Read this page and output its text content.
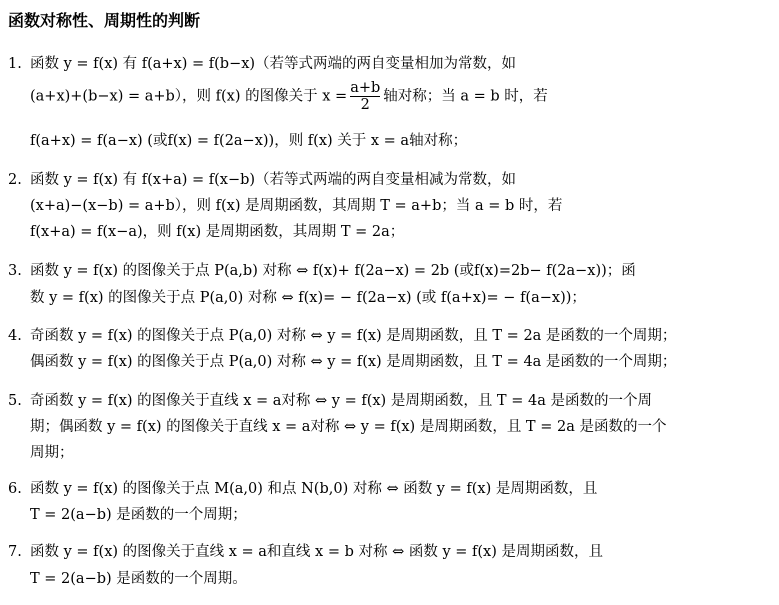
函数对称性、周期性的判断
1. 函数 y = f(x) 有 f(a+x) = f(b−x)（若等式两端的两自变量相加为常数，如
(a+x)+(b−x) = a+b），则 f(x) 的图像关于 $x = \frac{a+b}{2}$ 轴对称；当 a = b 时，若
f(a+x) = f(a−x) (或f(x) = f(2a−x))，则 f(x) 关于 x = a轴对称；
2. 函数 y = f(x) 有 f(x+a) = f(x−b)（若等式两端的两自变量相减为常数，如
(x+a)−(x−b) = a+b），则 f(x) 是周期函数，其周期 T = a+b；当 a = b 时，若
f(x+a) = f(x−a)，则 f(x) 是周期函数，其周期 T = 2a；
3. 函数 y = f(x) 的图像关于点 P(a,b) 对称 ⇔ f(x)+ f(2a−x) = 2b (或f(x)=2b− f(2a−x))；函
数 y = f(x) 的图像关于点 P(a,0) 对称 ⇔ f(x)= − f(2a−x) (或 f(a+x)= − f(a−x))；
4. 奇函数 y = f(x) 的图像关于点 P(a,0) 对称 ⇔ y = f(x) 是周期函数，且 T = 2a 是函数的一个周期；
偶函数 y = f(x) 的图像关于点 P(a,0) 对称 ⇔ y = f(x) 是周期函数，且 T = 4a 是函数的一个周期；
5. 奇函数 y = f(x) 的图像关于直线 x = a对称 ⇔ y = f(x) 是周期函数，且 T = 4a 是函数的一个周
期；偶函数 y = f(x) 的图像关于直线 x = a对称 ⇔ y = f(x) 是周期函数，且 T = 2a 是函数的一个
周期；
6. 函数 y = f(x) 的图像关于点 M(a,0) 和点 N(b,0) 对称 ⇔ 函数 y = f(x) 是周期函数，且
T = 2(a−b) 是函数的一个周期；
7. 函数 y = f(x) 的图像关于直线 x = a和直线 x = b 对称 ⇔ 函数 y = f(x) 是周期函数，且
T = 2(a−b) 是函数的一个周期。
